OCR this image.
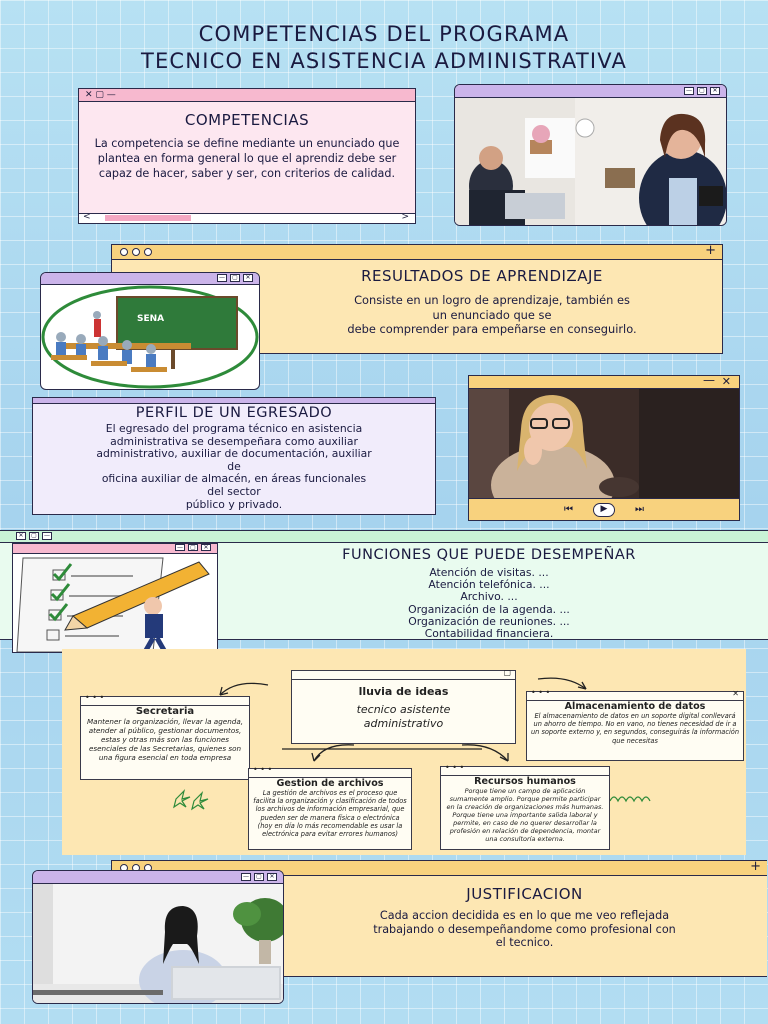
COMPETENCIAS DEL PROGRAMA
TECNICO EN ASISTENCIA ADMINISTRATIVA
✕ ▢ —
COMPETENCIAS
La competencia se define mediante un enunciado que plantea en forma general lo que el aprendiz debe ser capaz de hacer, saber y ser, con criterios de calidad.
<	>
—	▢	✕
+
RESULTADOS DE APRENDIZAJE
Consiste en un logro de aprendizaje, también es
un enunciado que se
debe comprender para empeñarse en conseguirlo.
—	▢	✕
SENA
PERFIL DE UN EGRESADO
El egresado del programa técnico en asistencia
administrativa se desempeñara como auxiliar
administrativo, auxiliar de documentación, auxiliar
de
oficina auxiliar de almacén, en áreas funcionales
del sector
público y privado.
— ✕
⏮	▶	⏭
✕	▢	—
FUNCIONES QUE PUEDE DESEMPEÑAR
Atención de visitas. ...
Atención telefónica. ...
Archivo. ...
Organización de la agenda. ...
Organización de reuniones. ...
Contabilidad financiera.
—	▢	✕
▢
lluvia de ideas
tecnico asistente
administrativo
• • •
Secretaria
Mantener la organización, llevar la agenda, atender al público, gestionar documentos, estas y otras más son las funciones esenciales de las Secretarias, quienes son una figura esencial en toda empresa
• • •	✕
Almacenamiento de datos
El almacenamiento de datos en un soporte digital conllevará un ahorro de tiempo. No en vano, no tienes necesidad de ir a un soporte externo y, en segundos, conseguirás la información que necesitas
• • •
Gestion de archivos
La gestión de archivos es el proceso que facilita la organización y clasificación de todos los archivos de información empresarial, que pueden ser de manera física o electrónica (hoy en día lo más recomendable es usar la electrónica para evitar errores humanos)
• • •
Recursos humanos
Porque tiene un campo de aplicación sumamente amplio. Porque permite participar en la creación de organizaciones más humanas. Porque tiene una importante salida laboral y permite, en caso de no querer desarrollar la profesión en relación de dependencia, montar una consultoría externa.
+
JUSTIFICACION
Cada accion decidida es en lo que me veo reflejada
trabajando o desempeñandome como profesional con
el tecnico.
—	▢	✕
